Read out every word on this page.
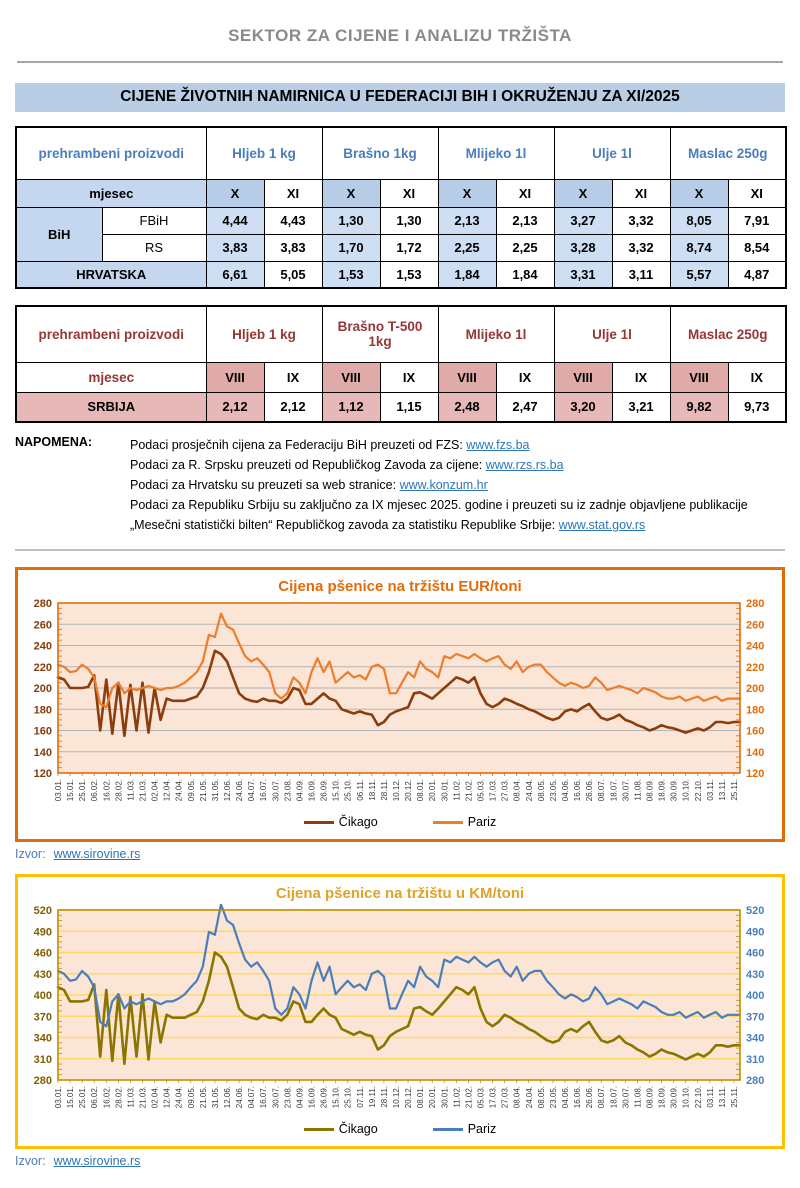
SEKTOR ZA CIJENE I ANALIZU TRŽIŠTA
CIJENE ŽIVOTNIH NAMIRNICA U FEDERACIJI BIH I OKRUŽENJU ZA XI/2025
prehrambeni proizvodi		Hljeb 1 kg		Brašno 1kg		Mlijeko 1l		Ulje 1l		Maslac 250g	
mjesec		X	XI	X	XI	X	XI	X	XI	X	XI
BiH	FBiH	4,44	4,43	1,30	1,30	2,13	2,13	3,27	3,32	8,05	7,91
	RS	3,83	3,83	1,70	1,72	2,25	2,25	3,28	3,32	8,74	8,54
HRVATSKA		6,61	5,05	1,53	1,53	1,84	1,84	3,31	3,11	5,57	4,87
prehrambeni proizvodi	Hljeb 1 kg		Brašno T-500 1kg		Mlijeko 1l		Ulje 1l		Maslac 250g	
mjesec	VIII	IX	VIII	IX	VIII	IX	VIII	IX	VIII	IX
SRBIJA	2,12	2,12	1,12	1,15	2,48	2,47	3,20	3,21	9,82	9,73
NAPOMENA:	Podaci prosječnih cijena za Federaciju BiH preuzeti od FZS: www.fzs.ba
Podaci za R. Srpsku preuzeti od Republičkog Zavoda za cijene: www.rzs.rs.ba
Podaci za Hrvatsku su preuzeti sa web stranice: www.konzum.hr
Podaci za Republiku Srbiju su zaključno za IX mjesec 2025. godine i preuzeti su iz zadnje objavljene publikacije
„Mesečni statistički bilten“ Republičkog zavoda za statistiku Republike Srbije: www.stat.gov.rs
Cijena pšenice na tržištu EUR/toni
120	120
140	140
160	160
180	180
200	200
220	220
240	240
260	260
280	280
03.01. 15.01. 25.01. 06.02. 16.02. 28.02. 11.03. 21.03. 02.04. 12.04. 24.04. 09.05. 21.05. 31.05. 12.06. 24.06. 04.07. 16.07. 30.07. 23.08. 04.09. 16.09. 26.09. 15.10. 25.10. 06.11. 18.11. 28.11. 10.12. 20.12. 08.01. 20.01. 30.01. 11.02. 21.02. 05.03. 17.03. 27.03. 08.04. 24.04. 08.05. 23.05. 04.06. 16.06. 26.06. 08.07. 18.07. 30.07. 11.08. 08.09. 18.09. 30.09. 10.10. 22.10. 03.11. 13.11. 25.11.
Čikago	Pariz
Izvor: www.sirovine.rs
Cijena pšenice na tržištu u KM/toni
280	280
310	310
340	340
370	370
400	400
430	430
460	460
490	490
520	520
03.01. 15.01. 25.01. 06.02. 16.02. 28.02. 11.03. 21.03. 02.04. 12.04. 24.04. 09.05. 21.05. 31.05. 12.06. 24.06. 04.07. 16.07. 30.07. 23.08. 04.09. 16.09. 26.09. 15.10. 25.10. 07.11. 19.11. 28.11. 10.12. 20.12. 08.01. 20.01. 30.01. 11.02. 21.02. 05.03. 17.03. 27.03. 08.04. 24.04. 08.05. 23.05. 04.06. 16.06. 26.06. 08.07. 18.07. 30.07. 11.08. 08.09. 18.09. 30.09. 10.10. 22.10. 03.11. 13.11. 25.11.
Čikago	Pariz
Izvor: www.sirovine.rs
